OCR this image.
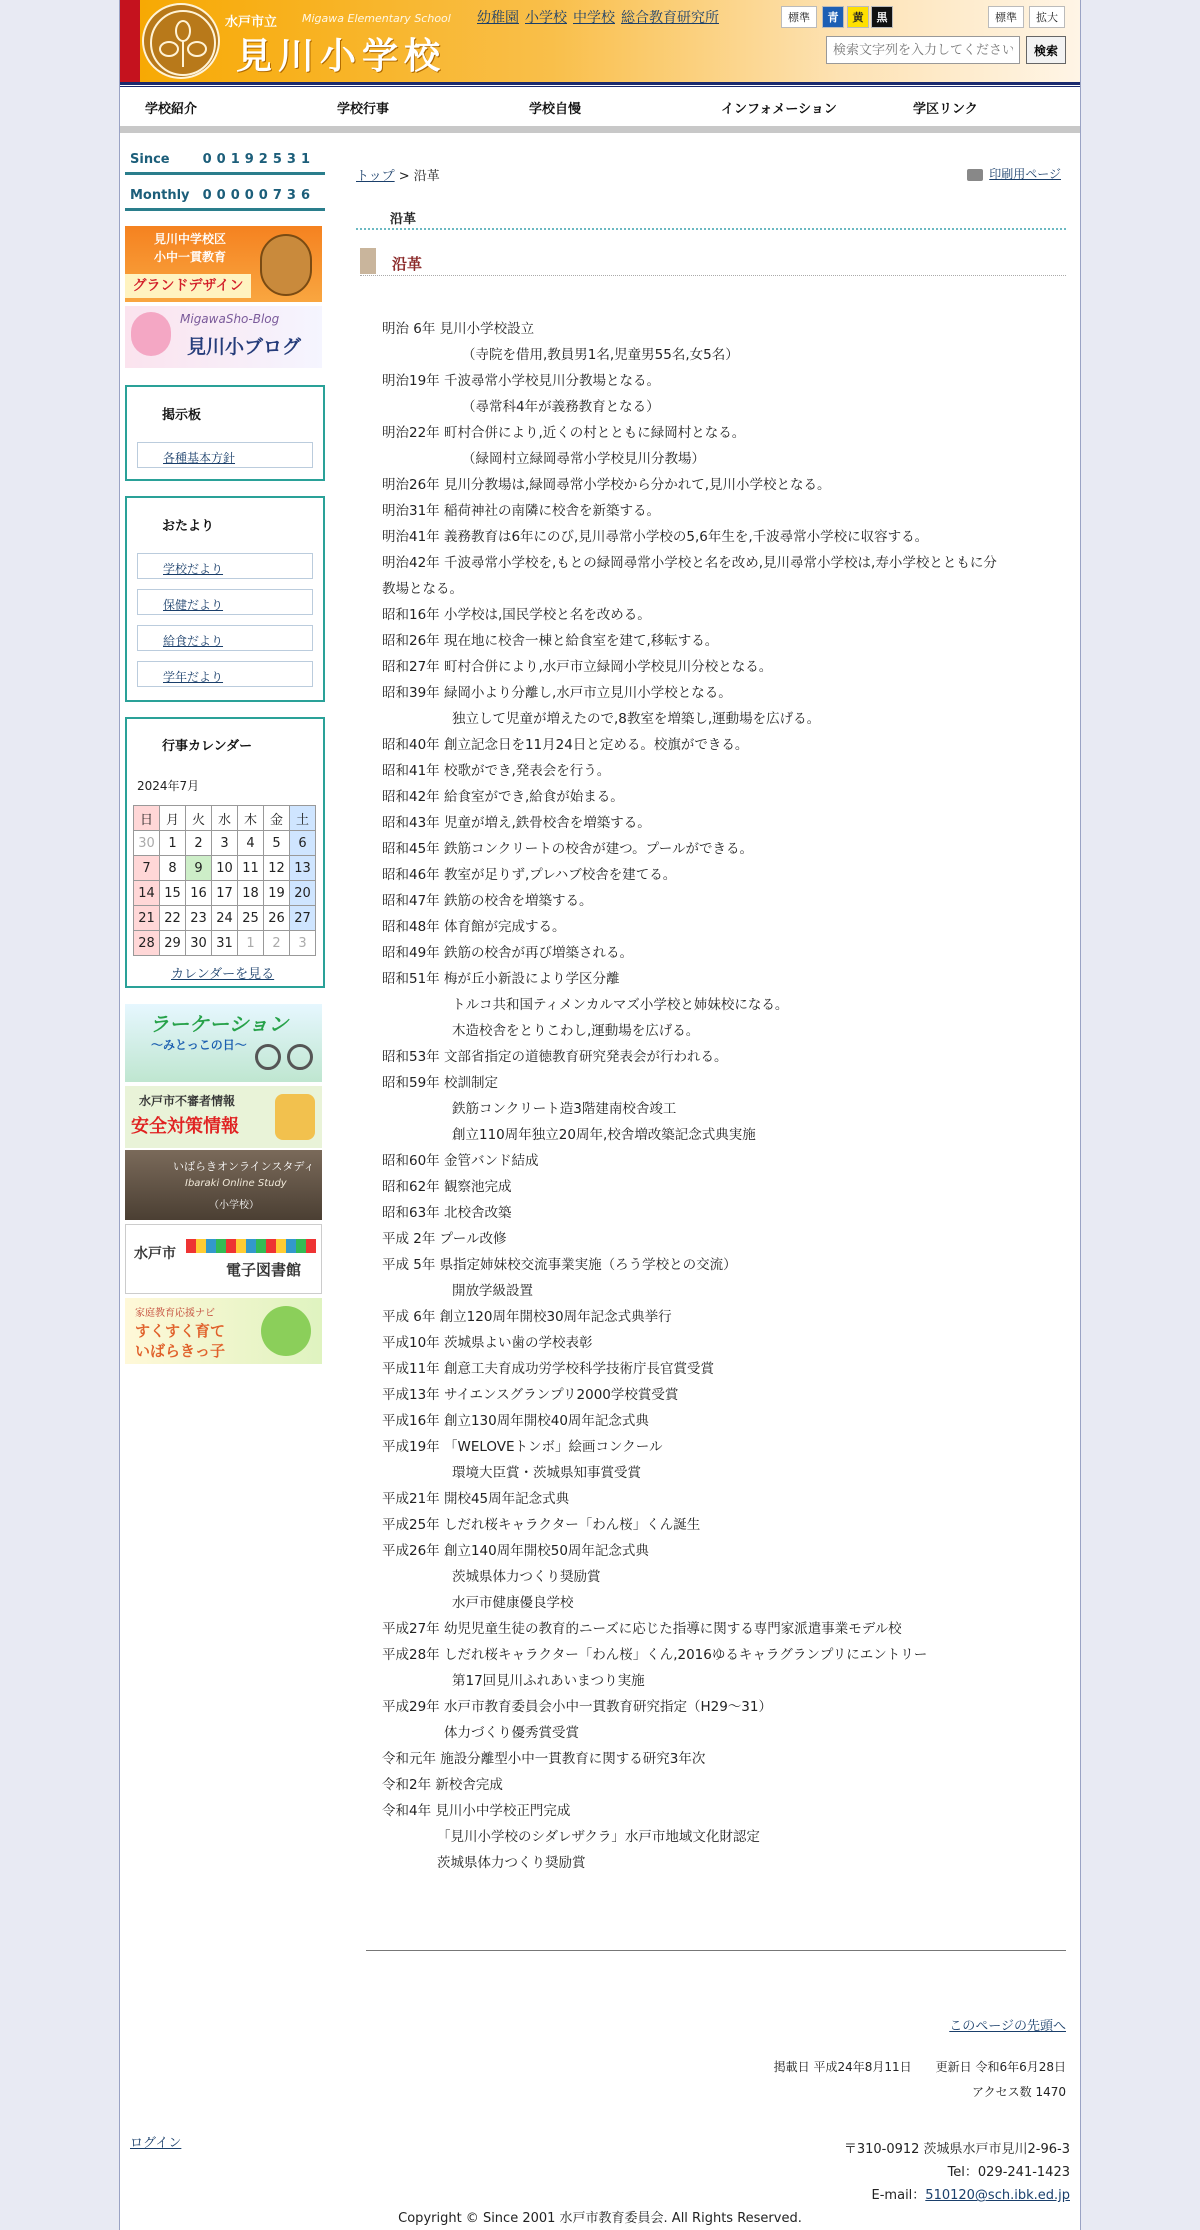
水戸市立 Migawa Elementary School
見川小学校
幼稚園 小学校 中学校 総合教育研究所	標準	青	黄	黒	標準	拡大
検索文字列を入力してください
検索
学校紹介	学校行事	学校自慢	インフォメーション	学区リンク
Since	00192531
Monthly 00000736
見川中学校区
小中一貫教育
グランドデザイン
MigawaSho-Blog
見川小ブログ
掲示板
各種基本方針
おたより
学校だより
保健だより
給食だより
学年だより
行事カレンダー
2024年7月
日	月	火	水	木	金	土
30	1	2	3	4	5	6
7	8	9	10	11	12	13
14	15	16	17	18	19	20
21	22	23	24	25	26	27
28	29	30	31	1	2	3
カレンダーを見る
ラーケーション
〜みとっこの日〜
水戸市不審者情報
安全対策情報
いばらきオンラインスタディ
Ibaraki Online Study
（小学校）
水戸市
電子図書館
家庭教育応援ナビ
すくすく育て
いばらきっ子
トップ > 沿革	印刷用ページ
沿革
沿革
明治 6年 見川小学校設立
（寺院を借用,教員男1名,児童男55名,女5名）
明治19年 千波尋常小学校見川分教場となる。
（尋常科4年が義務教育となる）
明治22年 町村合併により,近くの村とともに緑岡村となる。
（緑岡村立緑岡尋常小学校見川分教場）
明治26年 見川分教場は,緑岡尋常小学校から分かれて,見川小学校となる。
明治31年 稲荷神社の南隣に校舎を新築する。
明治41年 義務教育は6年にのび,見川尋常小学校の5,6年生を,千波尋常小学校に収容する。
明治42年 千波尋常小学校を,もとの緑岡尋常小学校と名を改め,見川尋常小学校は,寿小学校とともに分
教場となる。
昭和16年 小学校は,国民学校と名を改める。
昭和26年 現在地に校舎一棟と給食室を建て,移転する。
昭和27年 町村合併により,水戸市立緑岡小学校見川分校となる。
昭和39年 緑岡小より分離し,水戸市立見川小学校となる。
独立して児童が増えたので,8教室を増築し,運動場を広げる。
昭和40年 創立記念日を11月24日と定める。校旗ができる。
昭和41年 校歌ができ,発表会を行う。
昭和42年 給食室ができ,給食が始まる。
昭和43年 児童が増え,鉄骨校舎を増築する。
昭和45年 鉄筋コンクリートの校舎が建つ。プールができる。
昭和46年 教室が足りず,プレハブ校舎を建てる。
昭和47年 鉄筋の校舎を増築する。
昭和48年 体育館が完成する。
昭和49年 鉄筋の校舎が再び増築される。
昭和51年 梅が丘小新設により学区分離
トルコ共和国ティメンカルマズ小学校と姉妹校になる。
木造校舎をとりこわし,運動場を広げる。
昭和53年 文部省指定の道徳教育研究発表会が行われる。
昭和59年 校訓制定
鉄筋コンクリート造3階建南校舎竣工
創立110周年独立20周年,校舎増改築記念式典実施
昭和60年 金管バンド結成
昭和62年 観察池完成
昭和63年 北校舎改築
平成 2年 プール改修
平成 5年 県指定姉妹校交流事業実施（ろう学校との交流）
開放学級設置
平成 6年 創立120周年開校30周年記念式典挙行
平成10年 茨城県よい歯の学校表彰
平成11年 創意工夫育成功労学校科学技術庁長官賞受賞
平成13年 サイエンスグランプリ2000学校賞受賞
平成16年 創立130周年開校40周年記念式典
平成19年 「WELOVEトンボ」絵画コンクール
環境大臣賞・茨城県知事賞受賞
平成21年 開校45周年記念式典
平成25年 しだれ桜キャラクター「わん桜」くん誕生
平成26年 創立140周年開校50周年記念式典
茨城県体力つくり奨励賞
水戸市健康優良学校
平成27年 幼児児童生徒の教育的ニーズに応じた指導に関する専門家派遣事業モデル校
平成28年 しだれ桜キャラクター「わん桜」くん,2016ゆるキャラグランプリにエントリー
第17回見川ふれあいまつり実施
平成29年 水戸市教育委員会小中一貫教育研究指定（H29〜31）
体力づくり優秀賞受賞
令和元年 施設分離型小中一貫教育に関する研究3年次
令和2年 新校舎完成
令和4年 見川小中学校正門完成
「見川小学校のシダレザクラ」水戸市地域文化財認定
茨城県体力つくり奨励賞
このページの先頭へ
掲載日 平成24年8月11日　　更新日 令和6年6月28日
アクセス数 1470
ログイン	〒310-0912 茨城県水戸市見川2-96-3
Tel：029-241-1423
E-mail：510120@sch.ibk.ed.jp
Copyright © Since 2001 水戸市教育委員会. All Rights Reserved.
